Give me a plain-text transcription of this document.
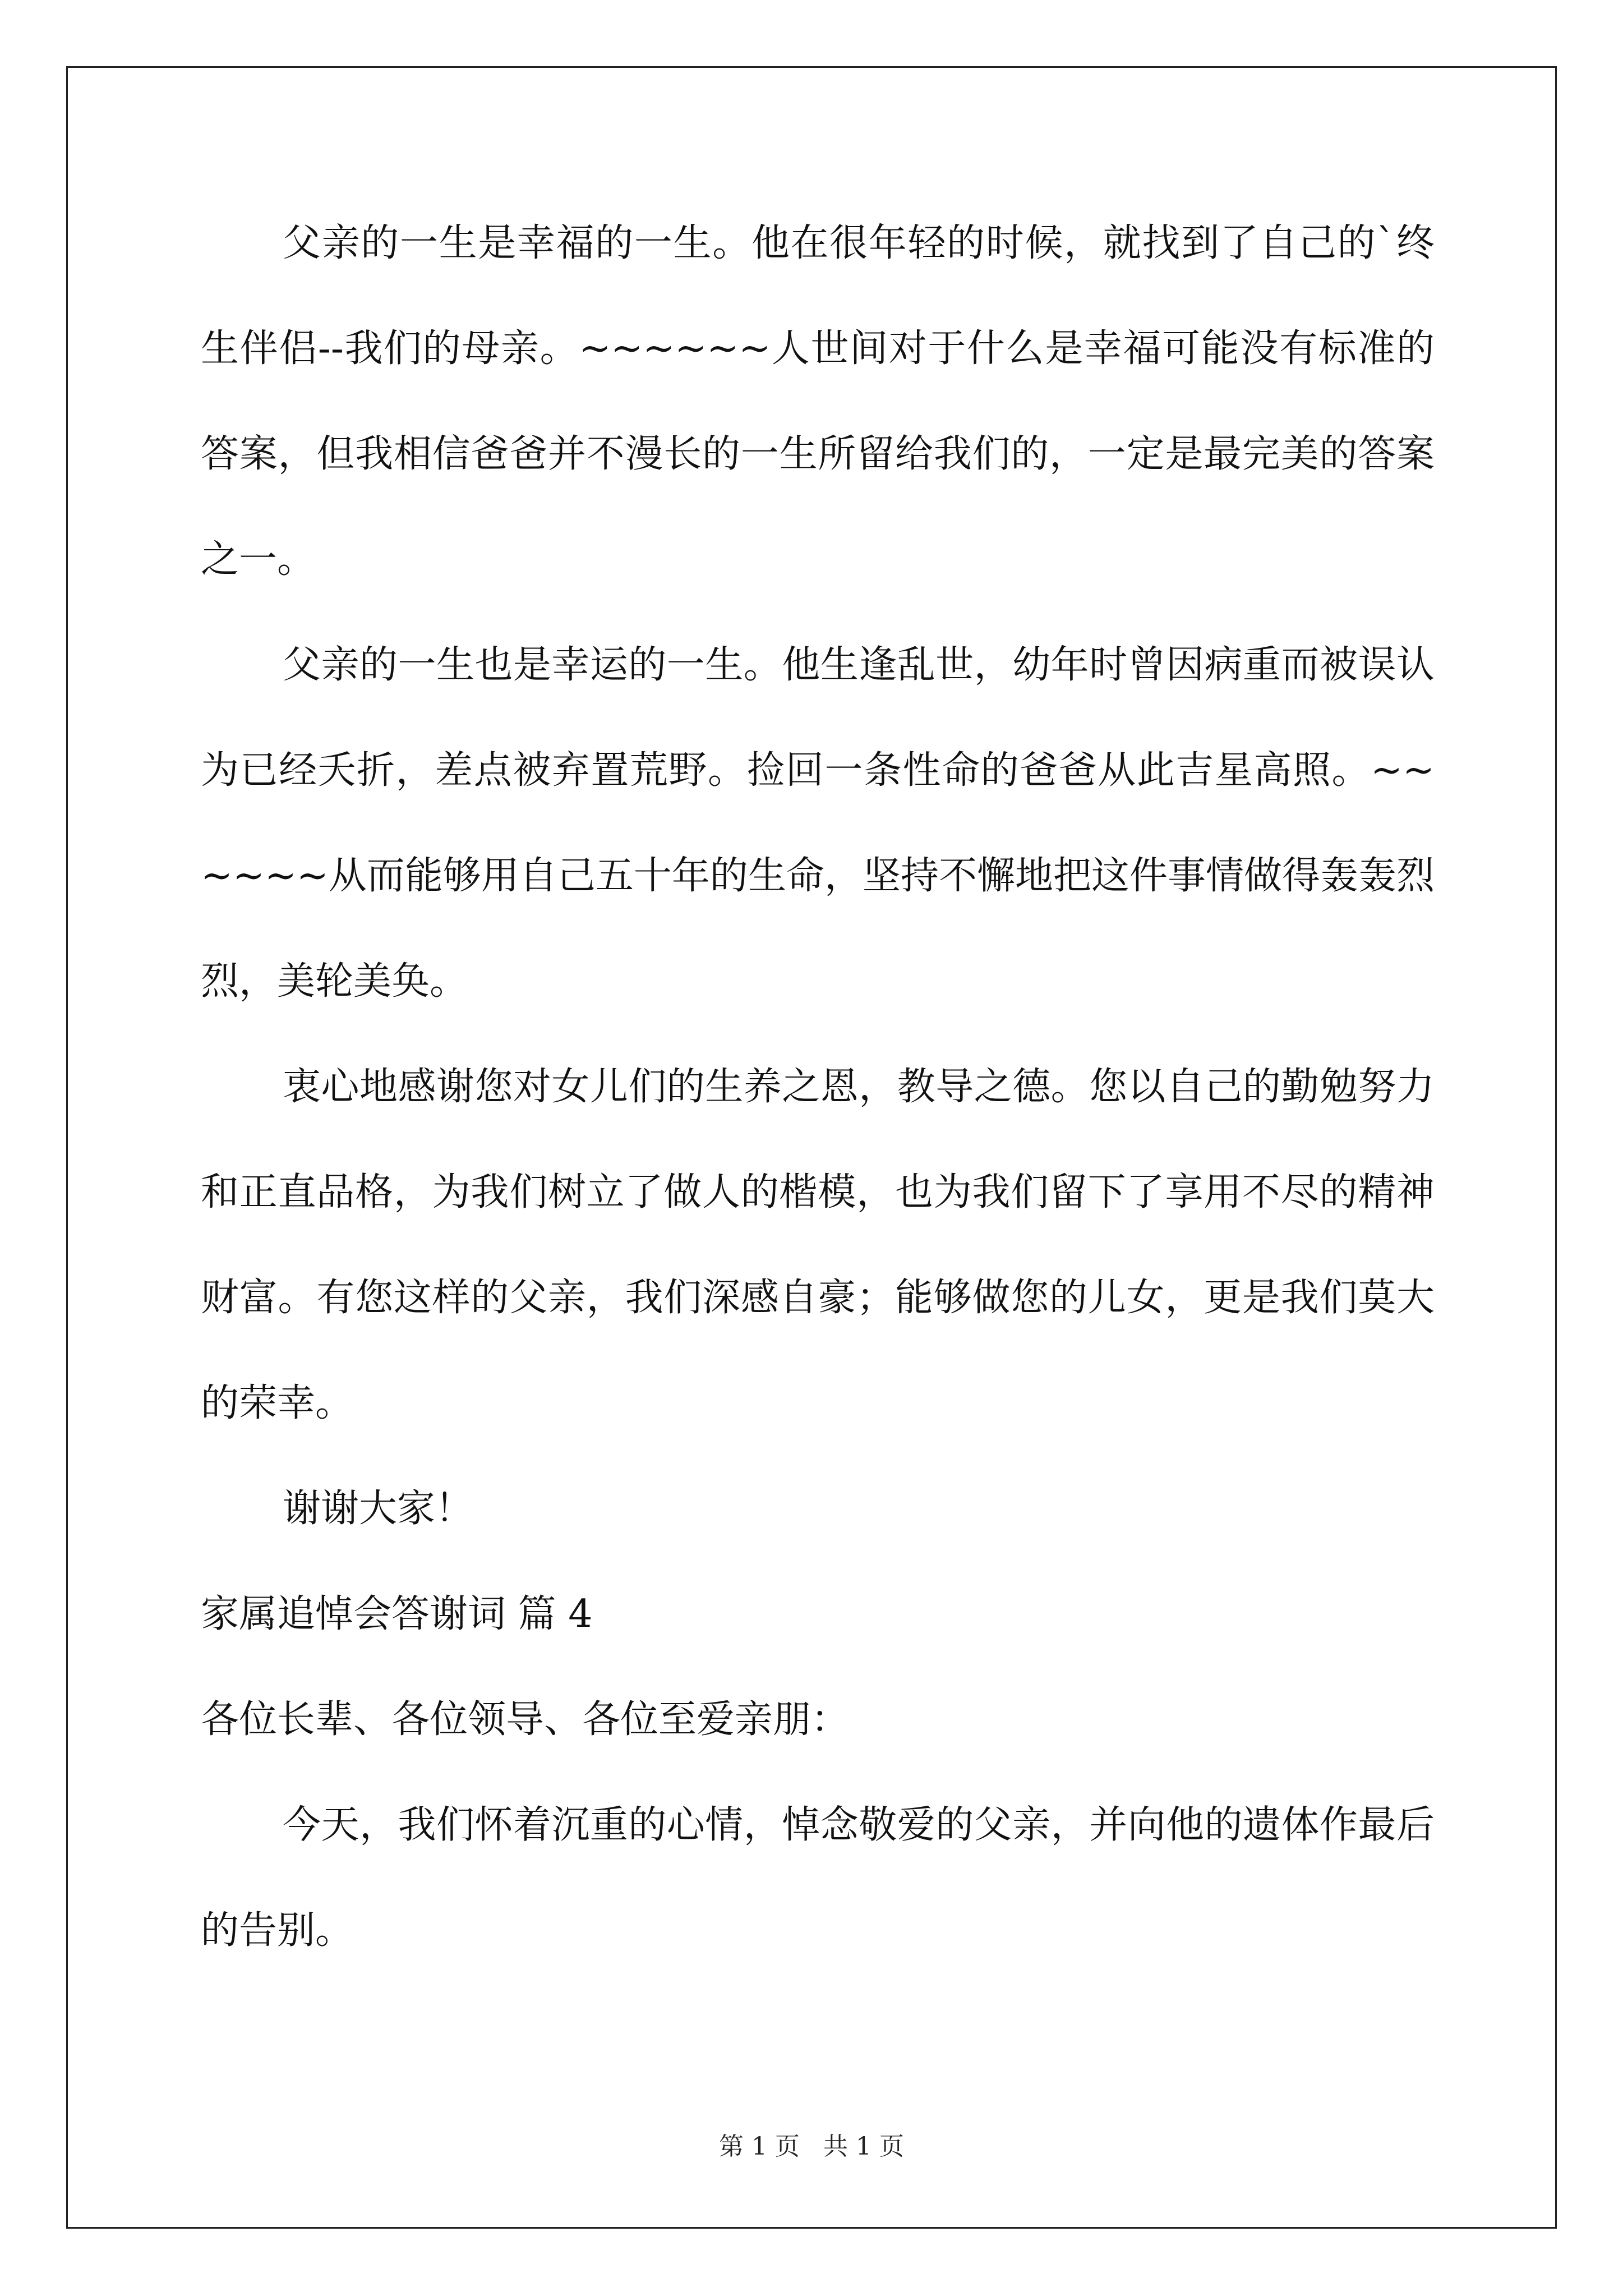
父亲的一生是幸福的一生。他在很年轻的时候，就找到了自己的`终生伴侣--我们的母亲。~~~~~~人世间对于什么是幸福可能没有标准的答案，但我相信爸爸并不漫长的一生所留给我们的，一定是最完美的答案之一。

父亲的一生也是幸运的一生。他生逢乱世，幼年时曾因病重而被误认为已经夭折，差点被弃置荒野。捡回一条性命的爸爸从此吉星高照。~~~~~~从而能够用自己五十年的生命，坚持不懈地把这件事情做得轰轰烈烈，美轮美奂。

衷心地感谢您对女儿们的生养之恩，教导之德。您以自己的勤勉努力和正直品格，为我们树立了做人的楷模，也为我们留下了享用不尽的精神财富。有您这样的父亲，我们深感自豪；能够做您的儿女，更是我们莫大的荣幸。

谢谢大家！

家属追悼会答谢词 篇 4

各位长辈、各位领导、各位至爱亲朋：

今天，我们怀着沉重的心情，悼念敬爱的父亲，并向他的遗体作最后的告别。

第 1 页   共 1 页
